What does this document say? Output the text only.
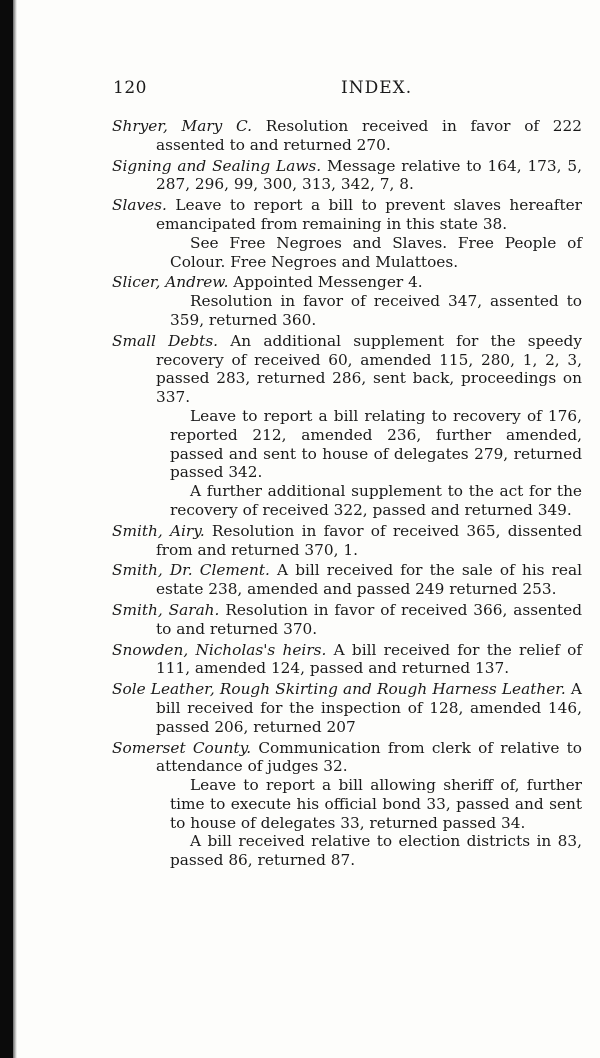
120	INDEX.

Shryer, Mary C. Resolution received in favor of 222 assented to and returned 270.

Signing and Sealing Laws. Message relative to 164, 173, 5, 287, 296, 99, 300, 313, 342, 7, 8.

Slaves. Leave to report a bill to prevent slaves hereafter emancipated from remaining in this state 38.

See Free Negroes and Slaves. Free People of Colour. Free Negroes and Mulattoes.

Slicer, Andrew. Appointed Messenger 4.

Resolution in favor of received 347, assented to 359, returned 360.

Small Debts. An additional supplement for the speedy recovery of received 60, amended 115, 280, 1, 2, 3, passed 283, returned 286, sent back, proceedings on 337.

Leave to report a bill relating to recovery of 176, reported 212, amended 236, further amended, passed and sent to house of delegates 279, returned passed 342.

A further additional supplement to the act for the recovery of received 322, passed and returned 349.

Smith, Airy. Resolution in favor of received 365, dissented from and returned 370, 1.

Smith, Dr. Clement. A bill received for the sale of his real estate 238, amended and passed 249 returned 253.

Smith, Sarah. Resolution in favor of received 366, assented to and returned 370.

Snowden, Nicholas's heirs. A bill received for the relief of 111, amended 124, passed and returned 137.

Sole Leather, Rough Skirting and Rough Harness Leather. A bill received for the inspection of 128, amended 146, passed 206, returned 207

Somerset County. Communication from clerk of relative to attendance of judges 32.

Leave to report a bill allowing sheriff of, further time to execute his official bond 33, passed and sent to house of delegates 33, returned passed 34.

A bill received relative to election districts in 83, passed 86, returned 87.
